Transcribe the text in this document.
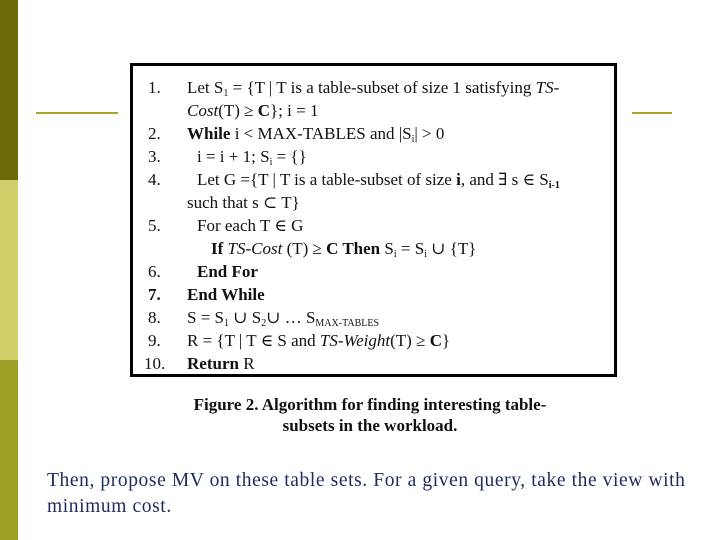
1. Let $S_1 = \{T$ | T is a table-subset of size 1 satisfying TS-
Cost(T) ≥ C}; i = 1
2. While i < MAX-TABLES and $|S_i| > 0$
3. i = i + 1; $S_i$ = {}
4. Let G ={T | T is a table-subset of size i, and ∃ s ∈ $S_{i-1}$
such that s ⊂ T}
5. For each T ∈ G
If TS-Cost (T) ≥ C Then $S_i = S_i$ ∪ {T}
6. End For
7. End While
8. $S = S_1$ ∪ $S_2\cup$ … $S_{MAX-TABLES}$
9. R = {T | T ∈ S and TS-Weight(T) ≥ C}
10. Return R
Figure 2. Algorithm for finding interesting table-
subsets in the workload.
Then, propose MV on these table sets. For a given query, take the view with minimum cost.
